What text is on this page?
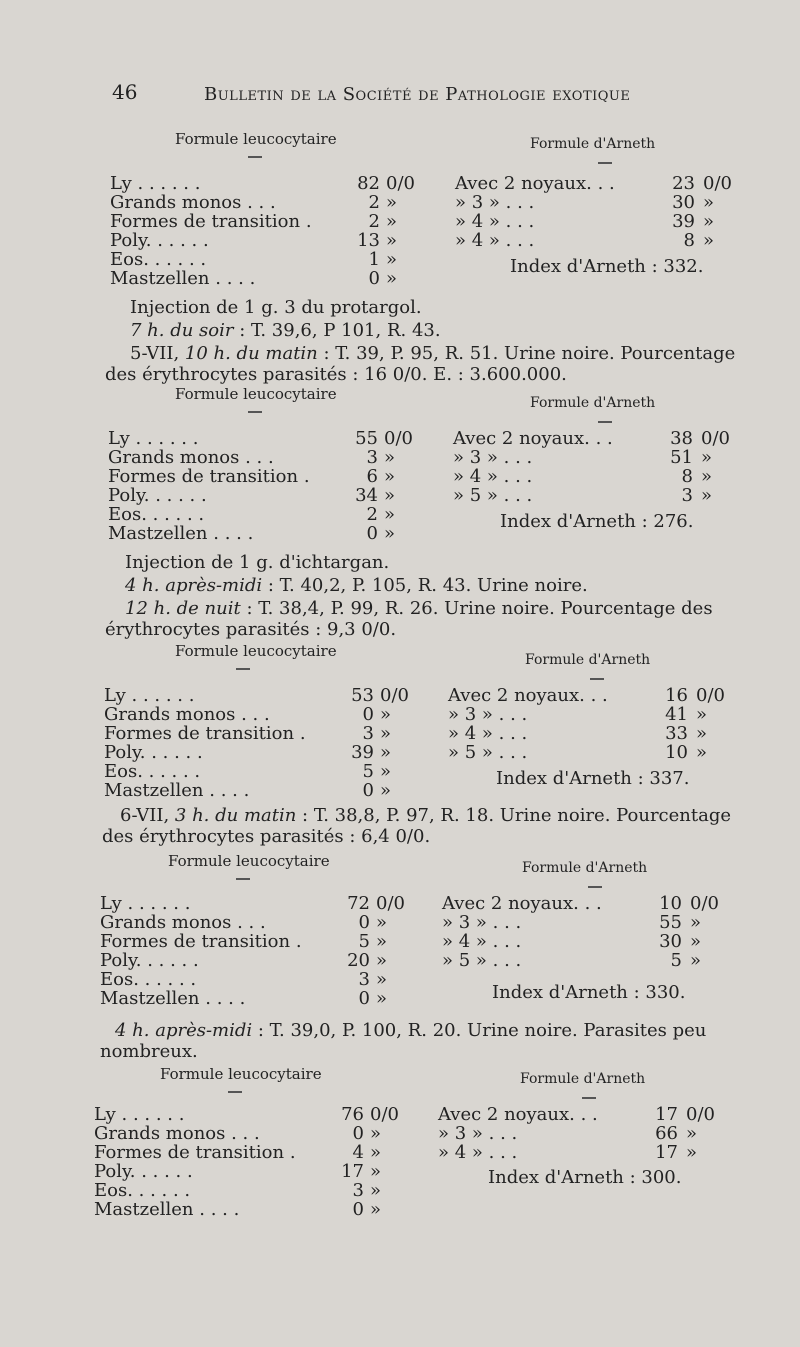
46	Bulletin de la Société de Pathologie exotique
Formule leucocytaire	Formule d'Arneth
Ly . . . . . .	82	0/0
Grands monos . . .	2	»
Formes de transition .	2	»
Poly. . . . . .	13	»
Eos. . . . . .	1	»
Mastzellen . . . .	0	»
Avec 2 noyaux. . .	23	0/0
» 3 » . . .	30	»
» 4 » . . .	39	»
» 4 » . . .	8	»
Index d'Arneth : 332.
Injection de 1 g. 3 du protargol.
7 h. du soir : T. 39,6, P 101, R. 43.
5-VII, 10 h. du matin : T. 39, P. 95, R. 51. Urine noire. Pourcentage
des érythrocytes parasités : 16 0/0. E. : 3.600.000.
Formule leucocytaire	Formule d'Arneth
Ly . . . . . .	55	0/0
Grands monos . . .	3	»
Formes de transition .	6	»
Poly. . . . . .	34	»
Eos. . . . . .	2	»
Mastzellen . . . .	0	»
Avec 2 noyaux. . .	38	0/0
» 3 » . . .	51	»
» 4 » . . .	8	»
» 5 » . . .	3	»
Index d'Arneth : 276.
Injection de 1 g. d'ichtargan.
4 h. après-midi : T. 40,2, P. 105, R. 43. Urine noire.
12 h. de nuit : T. 38,4, P. 99, R. 26. Urine noire. Pourcentage des
érythrocytes parasités : 9,3 0/0.
Formule leucocytaire	Formule d'Arneth
Ly . . . . . .	53	0/0
Grands monos . . .	0	»
Formes de transition .	3	»
Poly. . . . . .	39	»
Eos. . . . . .	5	»
Mastzellen . . . .	0	»
Avec 2 noyaux. . .	16	0/0
» 3 » . . .	41	»
» 4 » . . .	33	»
» 5 » . . .	10	»
Index d'Arneth : 337.
6-VII, 3 h. du matin : T. 38,8, P. 97, R. 18. Urine noire. Pourcentage
des érythrocytes parasités : 6,4 0/0.
Formule leucocytaire	Formule d'Arneth
Ly . . . . . .	72	0/0
Grands monos . . .	0	»
Formes de transition .	5	»
Poly. . . . . .	20	»
Eos. . . . . .	3	»
Mastzellen . . . .	0	»
Avec 2 noyaux. . .	10	0/0
» 3 » . . .	55	»
» 4 » . . .	30	»
» 5 » . . .	5	»
Index d'Arneth : 330.
4 h. après-midi : T. 39,0, P. 100, R. 20. Urine noire. Parasites peu
nombreux.
Formule leucocytaire	Formule d'Arneth
Ly . . . . . .	76	0/0
Grands monos . . .	0	»
Formes de transition .	4	»
Poly. . . . . .	17	»
Eos. . . . . .	3	»
Mastzellen . . . .	0	»
Avec 2 noyaux. . .	17	0/0
» 3 » . . .	66	»
» 4 » . . .	17	»
Index d'Arneth : 300.
